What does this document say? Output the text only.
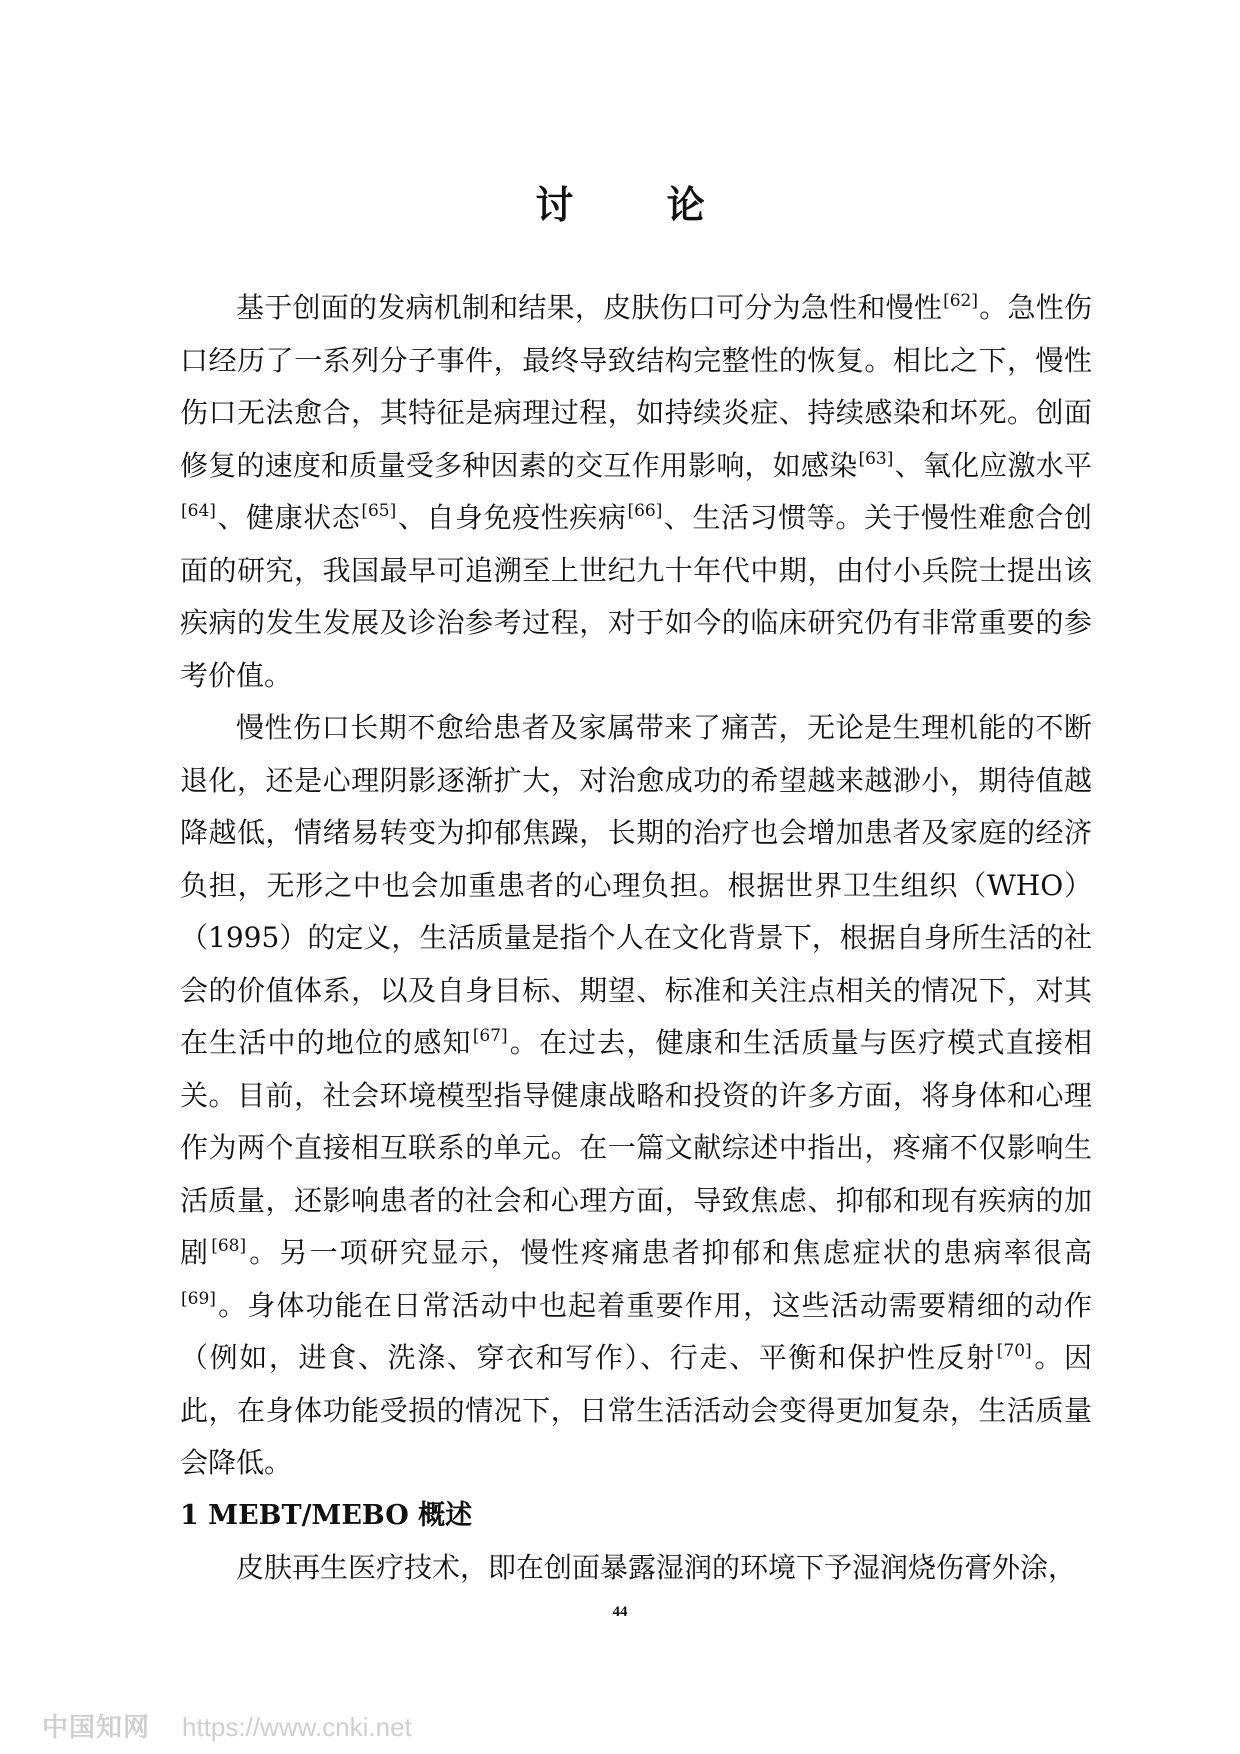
讨 论

基于创面的发病机制和结果，皮肤伤口可分为急性和慢性[62]。急性伤口经历了一系列分子事件，最终导致结构完整性的恢复。相比之下，慢性伤口无法愈合，其特征是病理过程，如持续炎症、持续感染和坏死。创面修复的速度和质量受多种因素的交互作用影响，如感染[63]、氧化应激水平[64]、健康状态[65]、自身免疫性疾病[66]、生活习惯等。关于慢性难愈合创面的研究，我国最早可追溯至上世纪九十年代中期，由付小兵院士提出该疾病的发生发展及诊治参考过程，对于如今的临床研究仍有非常重要的参考价值。

慢性伤口长期不愈给患者及家属带来了痛苦，无论是生理机能的不断退化，还是心理阴影逐渐扩大，对治愈成功的希望越来越渺小，期待值越降越低，情绪易转变为抑郁焦躁，长期的治疗也会增加患者及家庭的经济负担，无形之中也会加重患者的心理负担。根据世界卫生组织（WHO）（1995）的定义，生活质量是指个人在文化背景下，根据自身所生活的社会的价值体系，以及自身目标、期望、标准和关注点相关的情况下，对其在生活中的地位的感知[67]。在过去，健康和生活质量与医疗模式直接相关。目前，社会环境模型指导健康战略和投资的许多方面，将身体和心理作为两个直接相互联系的单元。在一篇文献综述中指出，疼痛不仅影响生活质量，还影响患者的社会和心理方面，导致焦虑、抑郁和现有疾病的加剧[68]。另一项研究显示，慢性疼痛患者抑郁和焦虑症状的患病率很高[69]。身体功能在日常活动中也起着重要作用，这些活动需要精细的动作（例如，进食、洗涤、穿衣和写作）、行走、平衡和保护性反射[70]。因此，在身体功能受损的情况下，日常生活活动会变得更加复杂，生活质量会降低。

1 MEBT/MEBO 概述

皮肤再生医疗技术，即在创面暴露湿润的环境下予湿润烧伤膏外涂，

44
中国知网 https://www.cnki.net
